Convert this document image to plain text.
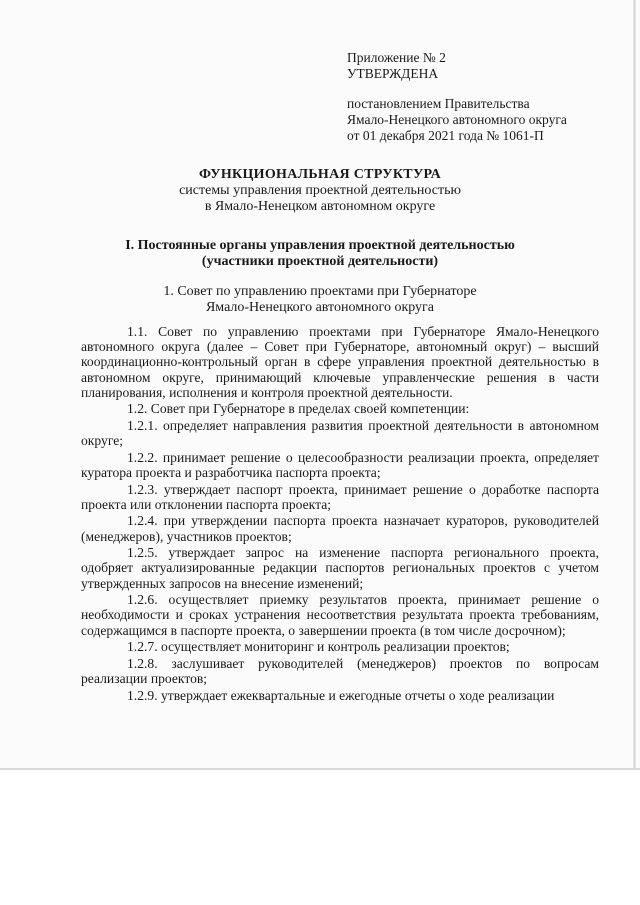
Приложение № 2
УТВЕРЖДЕНА
постановлением Правительства
Ямало-Ненецкого автономного округа
от 01 декабря 2021 года № 1061-П
ФУНКЦИОНАЛЬНАЯ СТРУКТУРА
системы управления проектной деятельностью
в Ямало-Ненецком автономном округе
I. Постоянные органы управления проектной деятельностью
(участники проектной деятельности)
1. Совет по управлению проектами при Губернаторе
Ямало-Ненецкого автономного округа

1.1. Совет по управлению проектами при Губернаторе Ямало-Ненецкого автономного округа (далее – Совет при Губернаторе, автономный округ) – высший координационно-контрольный орган в сфере управления проектной деятельностью в автономном округе, принимающий ключевые управленческие решения в части планирования, исполнения и контроля проектной деятельности.

1.2. Совет при Губернаторе в пределах своей компетенции:

1.2.1. определяет направления развития проектной деятельности в автономном округе;

1.2.2. принимает решение о целесообразности реализации проекта, определяет куратора проекта и разработчика паспорта проекта;

1.2.3. утверждает паспорт проекта, принимает решение о доработке паспорта проекта или отклонении паспорта проекта;

1.2.4. при утверждении паспорта проекта назначает кураторов, руководителей (менеджеров), участников проектов;

1.2.5. утверждает запрос на изменение паспорта регионального проекта, одобряет актуализированные редакции паспортов региональных проектов с учетом утвержденных запросов на внесение изменений;

1.2.6. осуществляет приемку результатов проекта, принимает решение о необходимости и сроках устранения несоответствия результата проекта требованиям, содержащимся в паспорте проекта, о завершении проекта (в том числе досрочном);

1.2.7. осуществляет мониторинг и контроль реализации проектов;

1.2.8. заслушивает руководителей (менеджеров) проектов по вопросам реализации проектов;

1.2.9. утверждает ежеквартальные и ежегодные отчеты о ходе реализации
